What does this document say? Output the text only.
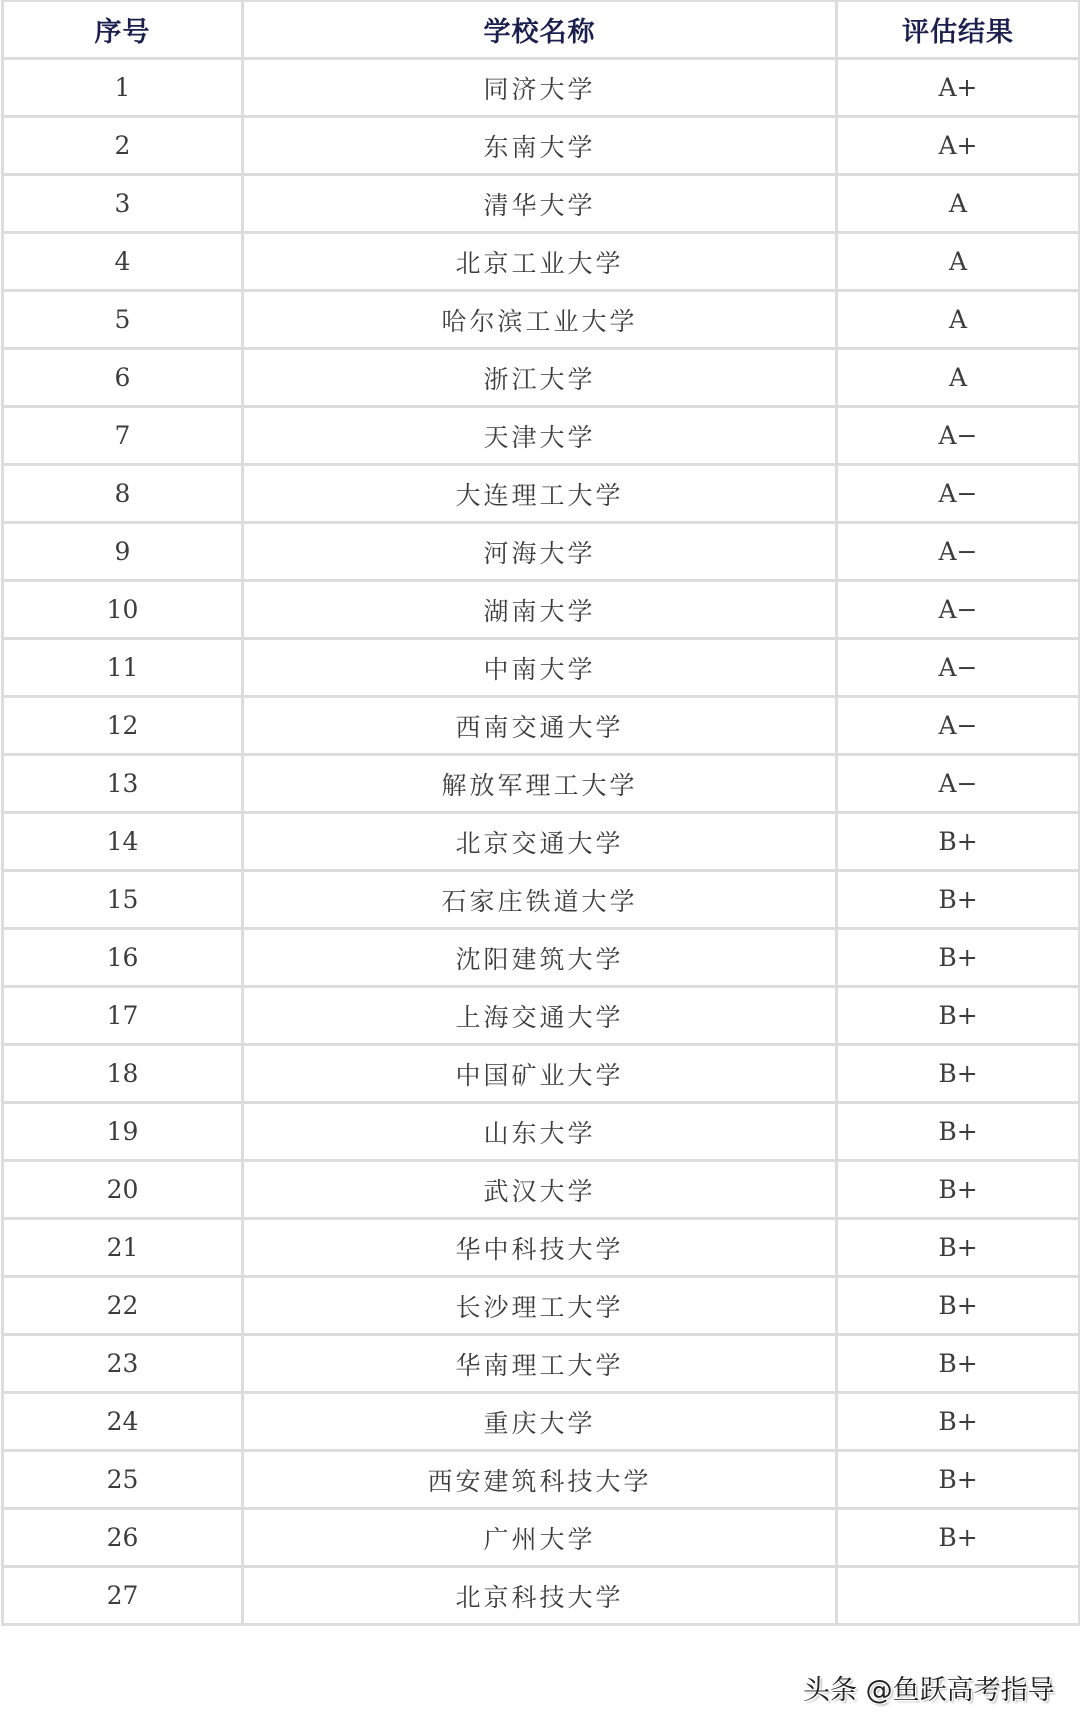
序号	学校名称	评估结果
1	同济大学	A+
2	东南大学	A+
3	清华大学	A
4	北京工业大学	A
5	哈尔滨工业大学	A
6	浙江大学	A
7	天津大学	A−
8	大连理工大学	A−
9	河海大学	A−
10	湖南大学	A−
11	中南大学	A−
12	西南交通大学	A−
13	解放军理工大学	A−
14	北京交通大学	B+
15	石家庄铁道大学	B+
16	沈阳建筑大学	B+
17	上海交通大学	B+
18	中国矿业大学	B+
19	山东大学	B+
20	武汉大学	B+
21	华中科技大学	B+
22	长沙理工大学	B+
23	华南理工大学	B+
24	重庆大学	B+
25	西安建筑科技大学	B+
26	广州大学	B+
27	北京科技大学	
头条 @鱼跃高考指导
